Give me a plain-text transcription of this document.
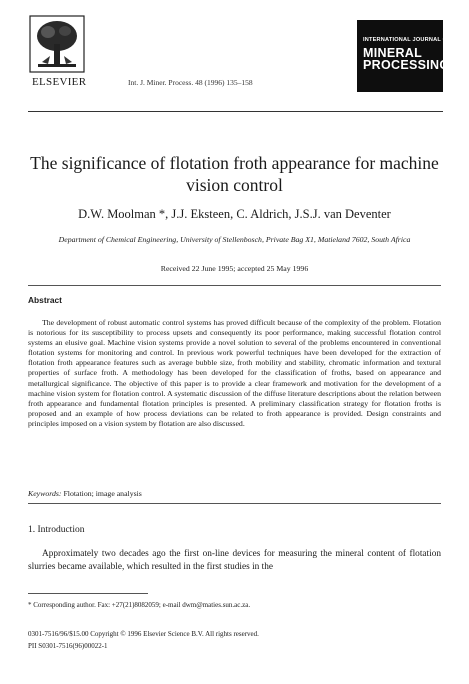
ELSEVIER	Int. J. Miner. Process. 48 (1996) 135–158
INTERNATIONAL JOURNAL OF
MINERAL
PROCESSING
The significance of flotation froth appearance for machine vision control
D.W. Moolman *, J.J. Eksteen, C. Aldrich, J.S.J. van Deventer
Department of Chemical Engineering, University of Stellenbosch, Private Bag X1, Matieland 7602, South Africa
Received 22 June 1995; accepted 25 May 1996
Abstract

The development of robust automatic control systems has proved difficult because of the complexity of the problem. Flotation is notorious for its susceptibility to process upsets and consequently its poor performance, making successful flotation control systems an elusive goal. Machine vision systems provide a novel solution to several of the problems encountered in conventional flotation systems for monitoring and control. In previous work powerful techniques have been developed for the extraction of flotation froth appearance features such as average bubble size, froth mobility and stability, chromatic information and textural properties of surface froth. A methodology has been developed for the classification of froths, based on appearance and metallurgical significance. The objective of this paper is to provide a clear framework and motivation for the development of a machine vision system for flotation control. A systematic discussion of the diffuse literature descriptions about the relation between froth appearance and fundamental flotation principles is presented. A preliminary classification strategy for flotation froths is proposed and an example of how process deviations can be related to froth appearance is provided. Design constraints and principles imposed on a vision system by flotation are also discussed.

Keywords: Flotation; image analysis
1. Introduction

Approximately two decades ago the first on-line devices for measuring the mineral content of flotation slurries became available, which resulted in the first studies in the

* Corresponding author. Fax: +27(21)8082059; e-mail dwm@maties.sun.ac.za.
0301-7516/96/$15.00 Copyright © 1996 Elsevier Science B.V. All rights reserved.
PII S0301-7516(96)00022-1
